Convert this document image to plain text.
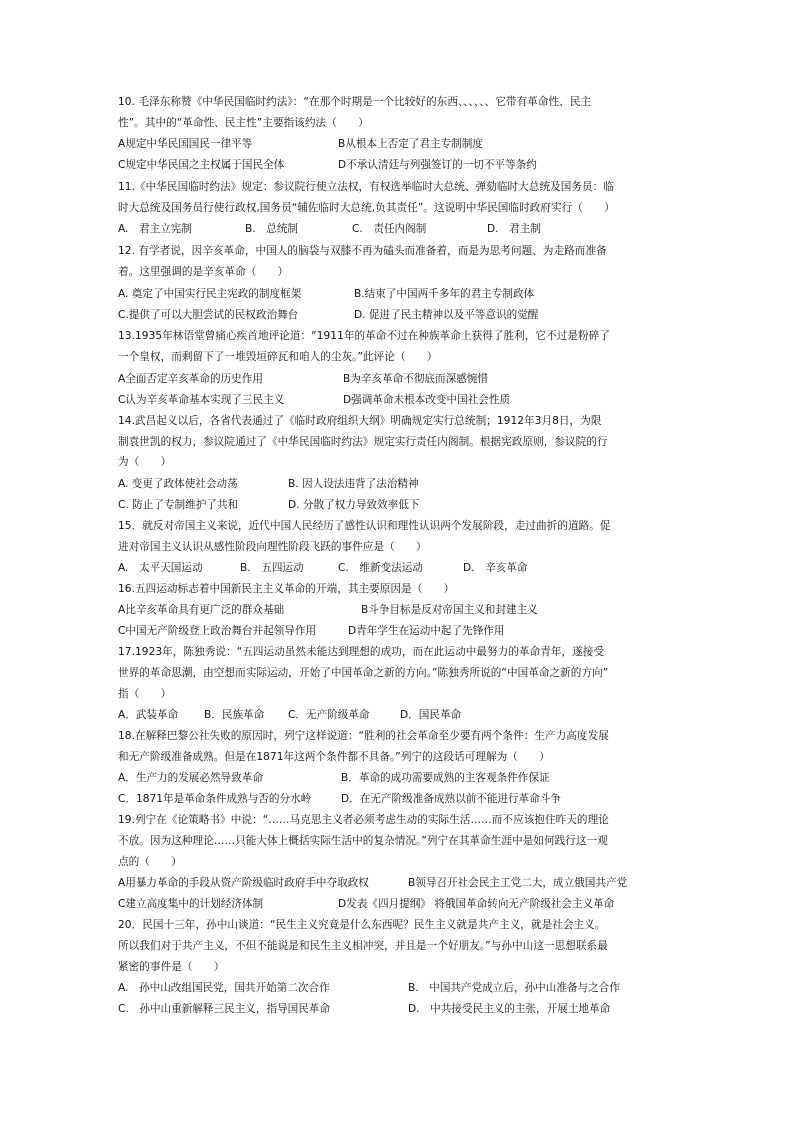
10. 毛泽东称赞《中华民国临时约法》：“在那个时期是一个比较好的东西、、、、、、它带有革命性、民主
性”。其中的“革命性、民主性”主要指该约法（　　）
A规定中华民国国民一律平等	B从根本上否定了君主专制制度
C规定中华民国之主权属于国民全体	D不承认清廷与列强签订的一切不平等条约
11.《中华民国临时约法》规定：参议院行使立法权，有权选举临时大总统、弹劾临时大总统及国务员：临
时大总统及国务员行使行政权,国务员“辅佐临时大总统,负其责任”。这说明中华民国临时政府实行（　　）
A.　君主立宪制	B.　总统制	C.　责任内阁制	D.　君主制
12. 有学者说，因辛亥革命，中国人的脑袋与双膝不再为磕头而准备着，而是为思考问题、为走路而准备
着。这里强调的是辛亥革命（　　）
A. 奠定了中国实行民主宪政的制度框架	B.结束了中国两千多年的君主专制政体
C.提供了可以大胆尝试的民权政治舞台	D. 促进了民主精神以及平等意识的觉醒
13.1935年林语堂曾痛心疾首地评论道：“1911年的革命不过在种族革命上获得了胜利，它不过是粉碎了
一个皇权，而剩留下了一堆毁垣碎瓦和咱人的尘灰。”此评论（　　）
A全面否定辛亥革命的历史作用	B为辛亥革命不彻底而深感惋惜
C认为辛亥革命基本实现了三民主义	D强调革命未根本改变中国社会性质
14.武昌起义以后，各省代表通过了《临时政府组织大纲》明确规定实行总统制；1912年3月8日，为限
制袁世凯的权力，参议院通过了《中华民国临时约法》规定实行责任内阁制。根据宪政原则，参议院的行
为（　　）
A. 变更了政体使社会动荡	B. 因人设法违背了法治精神
C. 防止了专制维护了共和	D. 分散了权力导致效率低下
15．就反对帝国主义来说，近代中国人民经历了感性认识和理性认识两个发展阶段，走过曲折的道路。促
进对帝国主义认识从感性阶段向理性阶段飞跃的事件应是（　　）
A.　太平天国运动	B.　五四运动	C.　维新变法运动	D.　辛亥革命
16.五四运动标志着中国新民主主义革命的开端，其主要原因是（　　）
A比辛亥革命具有更广泛的群众基础	B斗争目标是反对帝国主义和封建主义
C中国无产阶级登上政治舞台并起领导作用	D青年学生在运动中起了先锋作用
17.1923年，陈独秀说：“五四运动虽然未能达到理想的成功，而在此运动中最努力的革命青年，遂接受
世界的革命思潮，由空想而实际运动，开始了中国革命之新的方向。”陈独秀所说的“中国革命之新的方向”
指（　　）
A．武装革命 B．民族革命 C．无产阶级革命	D．国民革命
18.在解释巴黎公社失败的原因时，列宁这样说道：“胜利的社会革命至少要有两个条件：生产力高度发展
和无产阶级准备成熟。但是在1871年这两个条件都不具备。”列宁的这段话可理解为（　　）
A．生产力的发展必然导致革命	B．革命的成功需要成熟的主客观条件作保证
C．1871年是革命条件成熟与否的分水岭	D．在无产阶级准备成熟以前不能进行革命斗争
19.列宁在《论策略书》中说：“……马克思主义者必须考虑生动的实际生活……而不应该抱住昨天的理论
不放。因为这种理论……只能大体上概括实际生活中的复杂情况。”列宁在其革命生涯中是如何践行这一观
点的（　　）
A用暴力革命的手段从资产阶级临时政府手中夺取政权	B领导召开社会民主工党二大，成立俄国共产党
C建立高度集中的计划经济体制	D发表《四月提纲》 将俄国革命转向无产阶级社会主义革命
20．民国十三年，孙中山谈道：“民生主义究竟是什么东西呢？民生主义就是共产主义，就是社会主义。
所以我们对于共产主义，不但不能说是和民生主义相冲突，并且是一个好朋友。”与孙中山这一思想联系最
紧密的事件是（　　）
A.　孙中山改组国民党，国共开始第二次合作	B.　中国共产党成立后，孙中山准备与之合作
C.　孙中山重新解释三民主义，指导国民革命	D.　中共接受民主义的主张，开展土地革命
